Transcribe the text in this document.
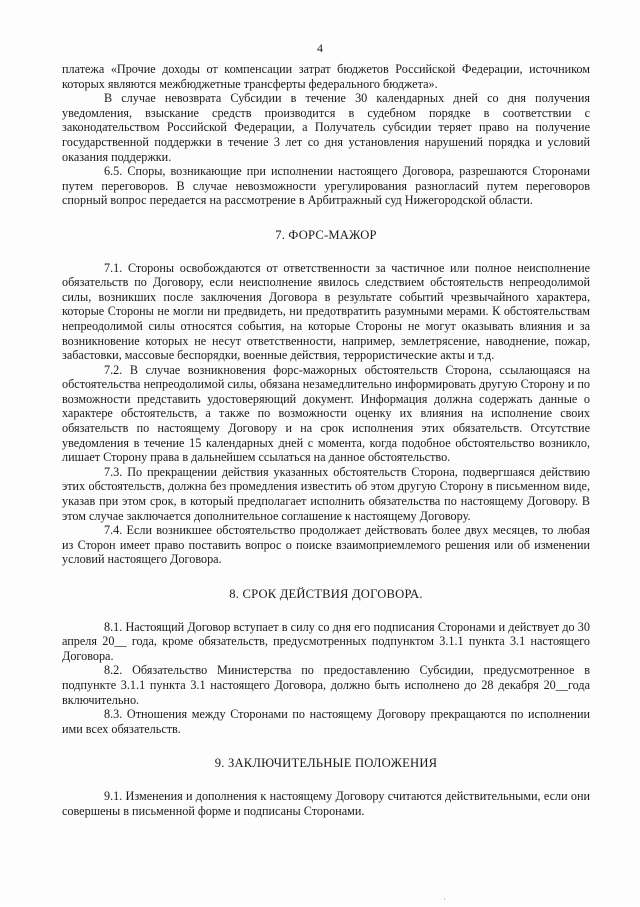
4

платежа «Прочие доходы от компенсации затрат бюджетов Российской Федерации, источником которых являются межбюджетные трансферты федерального бюджета».

В случае невозврата Субсидии в течение 30 календарных дней со дня получения уведомления, взыскание средств производится в судебном порядке в соответствии с законодательством Российской Федерации, а Получатель субсидии теряет право на получение государственной поддержки в течение 3 лет со дня установления нарушений порядка и условий оказания поддержки.

6.5. Споры, возникающие при исполнении настоящего Договора, разрешаются Сторонами путем переговоров. В случае невозможности урегулирования разногласий путем переговоров спорный вопрос передается на рассмотрение в Арбитражный суд Нижегородской области.

7. ФОРС-МАЖОР

7.1. Стороны освобождаются от ответственности за частичное или полное неисполнение обязательств по Договору, если неисполнение явилось следствием обстоятельств непреодолимой силы, возникших после заключения Договора в результате событий чрезвычайного характера, которые Стороны не могли ни предвидеть, ни предотвратить разумными мерами. К обстоятельствам непреодолимой силы относятся события, на которые Стороны не могут оказывать влияния и за возникновение которых не несут ответственности, например, землетрясение, наводнение, пожар, забастовки, массовые беспорядки, военные действия, террористические акты и т.д.

7.2. В случае возникновения форс-мажорных обстоятельств Сторона, ссылающаяся на обстоятельства непреодолимой силы, обязана незамедлительно информировать другую Сторону и по возможности представить удостоверяющий документ. Информация должна содержать данные о характере обстоятельств, а также по возможности оценку их влияния на исполнение своих обязательств по настоящему Договору и на срок исполнения этих обязательств. Отсутствие уведомления в течение 15 календарных дней с момента, когда подобное обстоятельство возникло, лишает Сторону права в дальнейшем ссылаться на данное обстоятельство.

7.3. По прекращении действия указанных обстоятельств Сторона, подвергшаяся действию этих обстоятельств, должна без промедления известить об этом другую Сторону в письменном виде, указав при этом срок, в который предполагает исполнить обязательства по настоящему Договору. В этом случае заключается дополнительное соглашение к настоящему Договору.

7.4. Если возникшее обстоятельство продолжает действовать более двух месяцев, то любая из Сторон имеет право поставить вопрос о поиске взаимоприемлемого решения или об изменении условий настоящего Договора.

8. СРОК ДЕЙСТВИЯ ДОГОВОРА.

8.1. Настоящий Договор вступает в силу со дня его подписания Сторонами и действует до 30 апреля 20__ года, кроме обязательств, предусмотренных подпунктом 3.1.1 пункта 3.1 настоящего Договора.

8.2. Обязательство Министерства по предоставлению Субсидии, предусмотренное в подпункте 3.1.1 пункта 3.1 настоящего Договора, должно быть исполнено до 28 декабря 20__года включительно.

8.3. Отношения между Сторонами по настоящему Договору прекращаются по исполнении ими всех обязательств.

9. ЗАКЛЮЧИТЕЛЬНЫЕ ПОЛОЖЕНИЯ

9.1. Изменения и дополнения к настоящему Договору считаются действительными, если они совершены в письменной форме и подписаны Сторонами.

·
